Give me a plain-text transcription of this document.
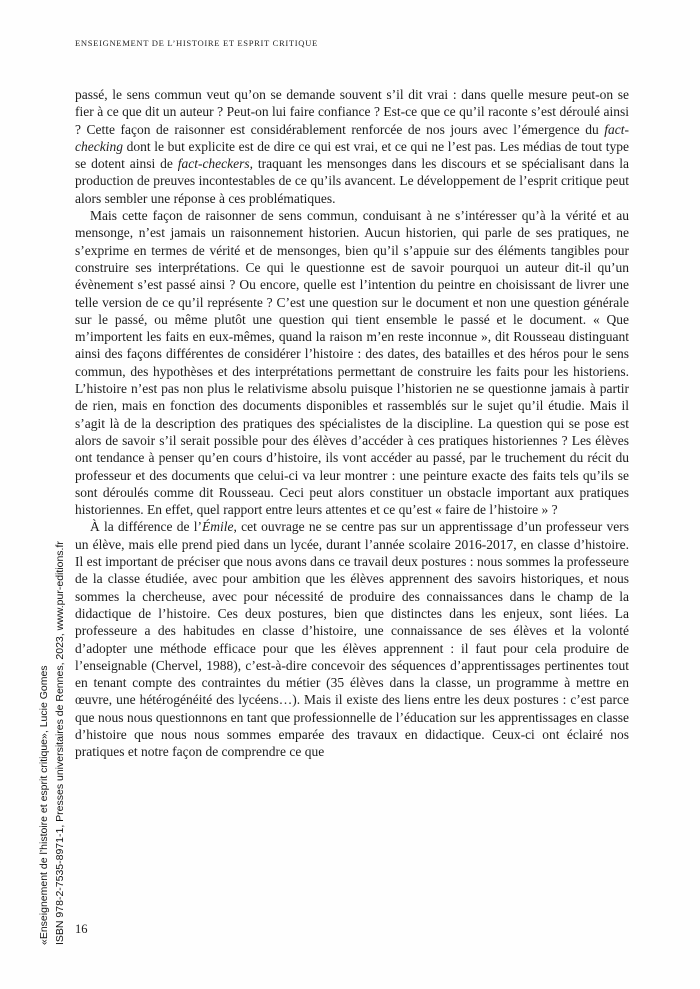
ENSEIGNEMENT DE L’HISTOIRE ET ESPRIT CRITIQUE
«Enseignement de l’histoire et esprit critique», Lucie Gomes ISBN 978-2-7535-8971-1, Presses universitaires de Rennes, 2023, www.pur-editions.fr

passé, le sens commun veut qu’on se demande souvent s’il dit vrai : dans quelle mesure peut-on se fier à ce que dit un auteur ? Peut-on lui faire confiance ? Est-ce que ce qu’il raconte s’est déroulé ainsi ? Cette façon de raisonner est considérablement renforcée de nos jours avec l’émergence du fact-checking dont le but explicite est de dire ce qui est vrai, et ce qui ne l’est pas. Les médias de tout type se dotent ainsi de fact-checkers, traquant les mensonges dans les discours et se spécialisant dans la production de preuves incontestables de ce qu’ils avancent. Le développement de l’esprit critique peut alors sembler une réponse à ces problématiques.

Mais cette façon de raisonner de sens commun, conduisant à ne s’intéresser qu’à la vérité et au mensonge, n’est jamais un raisonnement historien. Aucun historien, qui parle de ses pratiques, ne s’exprime en termes de vérité et de mensonges, bien qu’il s’appuie sur des éléments tangibles pour construire ses interprétations. Ce qui le questionne est de savoir pourquoi un auteur dit-il qu’un évènement s’est passé ainsi ? Ou encore, quelle est l’intention du peintre en choisissant de livrer une telle version de ce qu’il représente ? C’est une question sur le document et non une question générale sur le passé, ou même plutôt une question qui tient ensemble le passé et le document. « Que m’importent les faits en eux-mêmes, quand la raison m’en reste inconnue », dit Rousseau distinguant ainsi des façons différentes de considérer l’histoire : des dates, des batailles et des héros pour le sens commun, des hypothèses et des interprétations permettant de construire les faits pour les historiens. L’histoire n’est pas non plus le relativisme absolu puisque l’historien ne se questionne jamais à partir de rien, mais en fonction des documents disponibles et rassemblés sur le sujet qu’il étudie. Mais il s’agit là de la description des pratiques des spécialistes de la discipline. La question qui se pose est alors de savoir s’il serait possible pour des élèves d’accéder à ces pratiques historiennes ? Les élèves ont tendance à penser qu’en cours d’histoire, ils vont accéder au passé, par le truchement du récit du professeur et des documents que celui-ci va leur montrer : une peinture exacte des faits tels qu’ils se sont déroulés comme dit Rousseau. Ceci peut alors constituer un obstacle important aux pratiques historiennes. En effet, quel rapport entre leurs attentes et ce qu’est « faire de l’histoire » ?

À la différence de l’Émile, cet ouvrage ne se centre pas sur un apprentissage d’un professeur vers un élève, mais elle prend pied dans un lycée, durant l’année scolaire 2016-2017, en classe d’histoire. Il est important de préciser que nous avons dans ce travail deux postures : nous sommes la professeure de la classe étudiée, avec pour ambition que les élèves apprennent des savoirs historiques, et nous sommes la chercheuse, avec pour nécessité de produire des connaissances dans le champ de la didactique de l’histoire. Ces deux postures, bien que distinctes dans les enjeux, sont liées. La professeure a des habitudes en classe d’histoire, une connaissance de ses élèves et la volonté d’adopter une méthode efficace pour que les élèves apprennent : il faut pour cela produire de l’enseignable (Chervel, 1988), c’est-à-dire concevoir des séquences d’apprentissages pertinentes tout en tenant compte des contraintes du métier (35 élèves dans la classe, un programme à mettre en œuvre, une hétérogénéité des lycéens…). Mais il existe des liens entre les deux postures : c’est parce que nous nous questionnons en tant que professionnelle de l’éducation sur les apprentissages en classe d’histoire que nous nous sommes emparée des travaux en didactique. Ceux-ci ont éclairé nos pratiques et notre façon de comprendre ce que

16
